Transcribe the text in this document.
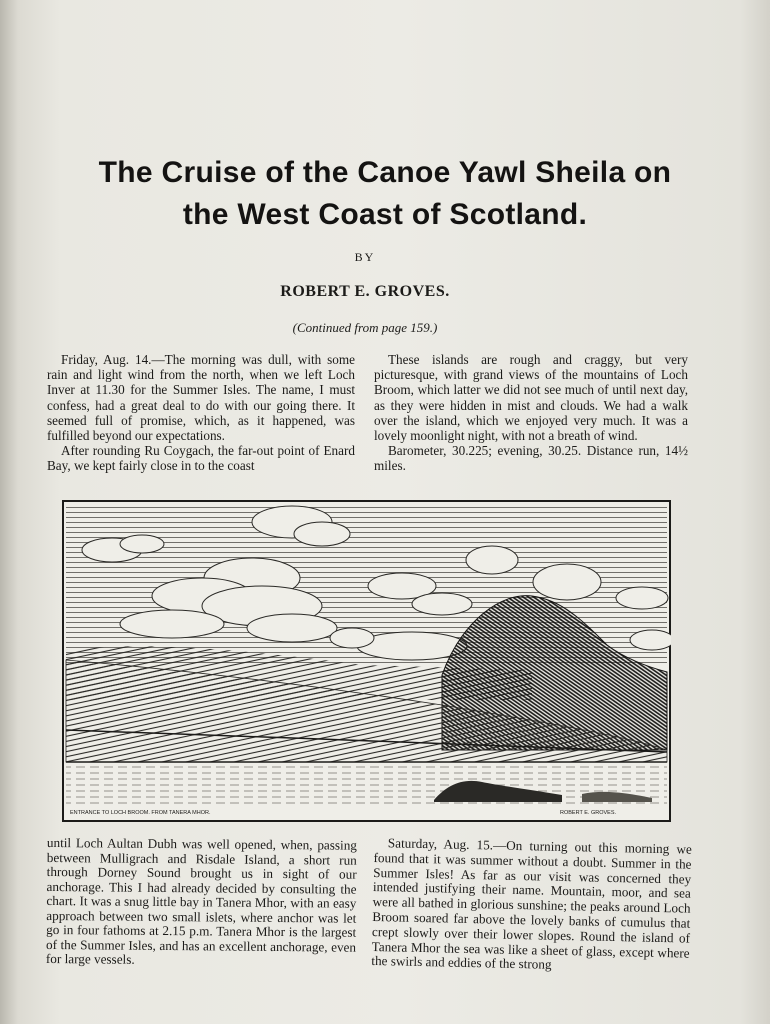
The Cruise of the Canoe Yawl Sheila on
the West Coast of Scotland.
BY
ROBERT E. GROVES.
(Continued from page 159.)

Friday, Aug. 14.—The morning was dull, with some rain and light wind from the north, when we left Loch Inver at 11.30 for the Summer Isles. The name, I must confess, had a great deal to do with our going there. It seemed full of promise, which, as it happened, was fulfilled beyond our expectations.

After rounding Ru Coygach, the far-out point of Enard Bay, we kept fairly close in to the coast

These islands are rough and craggy, but very picturesque, with grand views of the mountains of Loch Broom, which latter we did not see much of until next day, as they were hidden in mist and clouds. We had a walk over the island, which we enjoyed very much. It was a lovely moonlight night, with not a breath of wind.

Barometer, 30.225; evening, 30.25. Distance run, 14½ miles.

ENTRANCE TO LOCH BROOM. FROM TANERA MHOR.	ROBERT E. GROVES.

until Loch Aultan Dubh was well opened, when, passing between Mulligrach and Risdale Island, a short run through Dorney Sound brought us in sight of our anchorage. This I had already decided by consulting the chart. It was a snug little bay in Tanera Mhor, with an easy approach between two small islets, where anchor was let go in four fathoms at 2.15 p.m. Tanera Mhor is the largest of the Summer Isles, and has an excellent anchorage, even for large vessels.

Saturday, Aug. 15.—On turning out this morning we found that it was summer without a doubt. Summer in the Summer Isles! As far as our visit was concerned they intended justifying their name. Mountain, moor, and sea were all bathed in glorious sunshine; the peaks around Loch Broom soared far above the lovely banks of cumulus that crept slowly over their lower slopes. Round the island of Tanera Mhor the sea was like a sheet of glass, except where the swirls and eddies of the strong
